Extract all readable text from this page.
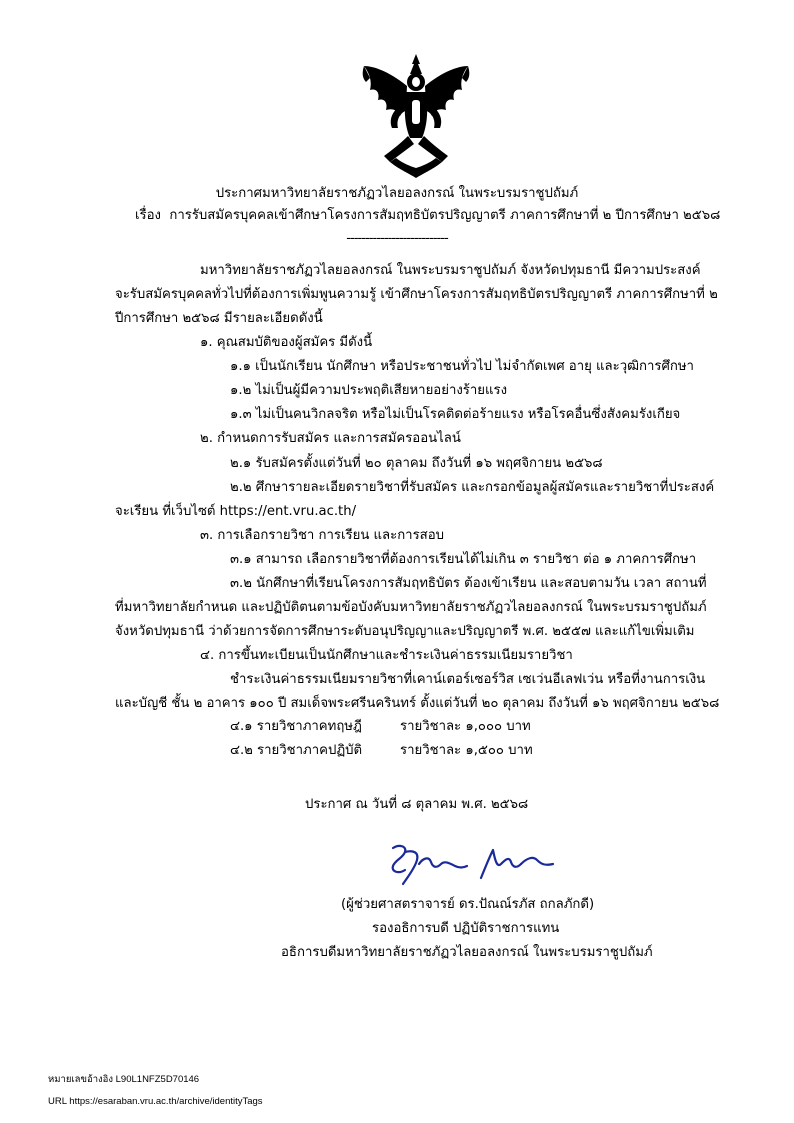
ประกาศมหาวิทยาลัยราชภัฏวไลยอลงกรณ์ ในพระบรมราชูปถัมภ์
เรื่อง การรับสมัครบุคคลเข้าศึกษาโครงการสัมฤทธิบัตรปริญญาตรี ภาคการศึกษาที่ ๒ ปีการศึกษา ๒๕๖๘
---------------------------
มหาวิทยาลัยราชภัฏวไลยอลงกรณ์ ในพระบรมราชูปถัมภ์ จังหวัดปทุมธานี มีความประสงค์
จะรับสมัครบุคคลทั่วไปที่ต้องการเพิ่มพูนความรู้ เข้าศึกษาโครงการสัมฤทธิบัตรปริญญาตรี ภาคการศึกษาที่ ๒
ปีการศึกษา ๒๕๖๘ มีรายละเอียดดังนี้
๑. คุณสมบัติของผู้สมัคร มีดังนี้
๑.๑ เป็นนักเรียน นักศึกษา หรือประชาชนทั่วไป ไม่จำกัดเพศ อายุ และวุฒิการศึกษา
๑.๒ ไม่เป็นผู้มีความประพฤติเสียหายอย่างร้ายแรง
๑.๓ ไม่เป็นคนวิกลจริต หรือไม่เป็นโรคติดต่อร้ายแรง หรือโรคอื่นซึ่งสังคมรังเกียจ
๒. กำหนดการรับสมัคร และการสมัครออนไลน์
๒.๑ รับสมัครตั้งแต่วันที่ ๒๐ ตุลาคม ถึงวันที่ ๑๖ พฤศจิกายน ๒๕๖๘
๒.๒ ศึกษารายละเอียดรายวิชาที่รับสมัคร และกรอกข้อมูลผู้สมัครและรายวิชาที่ประสงค์
จะเรียน ที่เว็บไซต์ https://ent.vru.ac.th/
๓. การเลือกรายวิชา การเรียน และการสอบ
๓.๑ สามารถ เลือกรายวิชาที่ต้องการเรียนได้ไม่เกิน ๓ รายวิชา ต่อ ๑ ภาคการศึกษา
๓.๒ นักศึกษาที่เรียนโครงการสัมฤทธิบัตร ต้องเข้าเรียน และสอบตามวัน เวลา สถานที่
ที่มหาวิทยาลัยกำหนด และปฏิบัติตนตามข้อบังคับมหาวิทยาลัยราชภัฏวไลยอลงกรณ์ ในพระบรมราชูปถัมภ์
จังหวัดปทุมธานี ว่าด้วยการจัดการศึกษาระดับอนุปริญญาและปริญญาตรี พ.ศ. ๒๕๕๗ และแก้ไขเพิ่มเติม
๔. การขึ้นทะเบียนเป็นนักศึกษาและชำระเงินค่าธรรมเนียมรายวิชา
ชำระเงินค่าธรรมเนียมรายวิชาที่เคาน์เตอร์เซอร์วิส เซเว่นอีเลฟเว่น หรือที่งานการเงิน
และบัญชี ชั้น ๒ อาคาร ๑๐๐ ปี สมเด็จพระศรีนครินทร์ ตั้งแต่วันที่ ๒๐ ตุลาคม ถึงวันที่ ๑๖ พฤศจิกายน ๒๕๖๘
๔.๑ รายวิชาภาคทฤษฎี	รายวิชาละ ๑,๐๐๐ บาท
๔.๒ รายวิชาภาคปฏิบัติ	รายวิชาละ ๑,๕๐๐ บาท
ประกาศ ณ วันที่ ๘ ตุลาคม พ.ศ. ๒๕๖๘
(ผู้ช่วยศาสตราจารย์ ดร.ปัณณ์รภัส ถกลภักดี)
รองอธิการบดี ปฏิบัติราชการแทน
อธิการบดีมหาวิทยาลัยราชภัฏวไลยอลงกรณ์ ในพระบรมราชูปถัมภ์
หมายเลขอ้างอิง L90L1NFZ5D70146
URL https://esaraban.vru.ac.th/archive/identityTags
